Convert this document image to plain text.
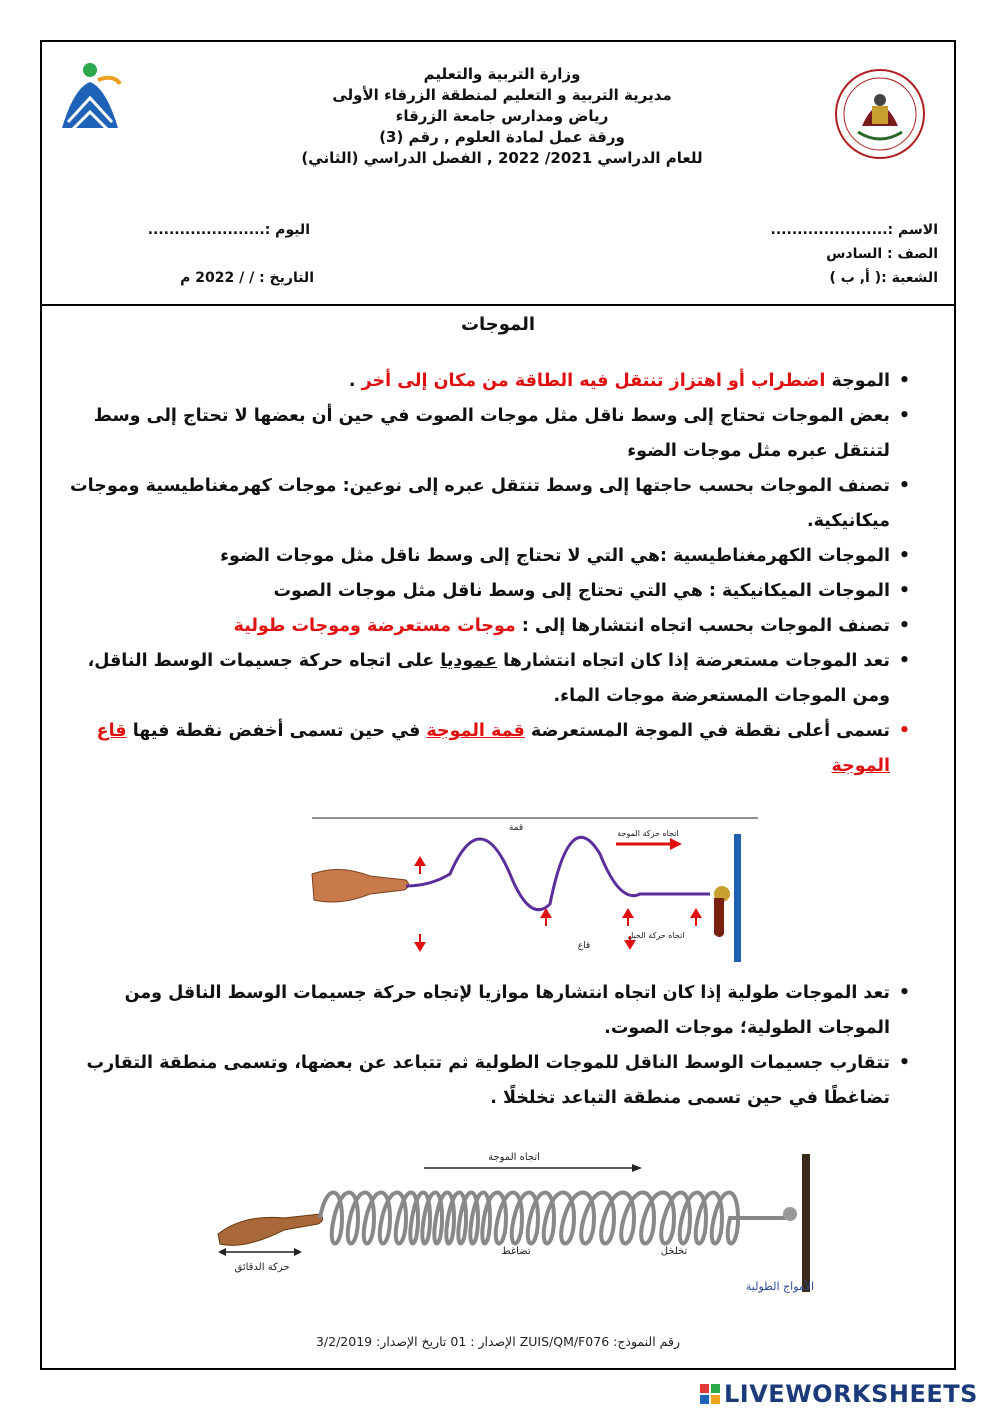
وزارة التربية والتعليم
مديرية التربية و التعليم لمنطقة الزرقاء الأولى
رياض ومدارس جامعة الزرقاء
ورقة عمل لمادة العلوم , رقم (3)
للعام الدراسي 2021/ 2022 , الفصل الدراسي (الثاني)
الاسم :......................
الصف : السادس
الشعبة :( أ, ب )
اليوم :......................
التاريخ : / / 2022 م
الموجات

•
الموجة اضطراب أو اهتزاز تنتقل فيه الطاقة من مكان إلى أخر .

•
بعض الموجات تحتاج إلى وسط ناقل مثل موجات الصوت في حين أن بعضها لا تحتاج إلى وسط لتنتقل عبره مثل موجات الضوء

•
تصنف الموجات بحسب حاجتها إلى وسط تنتقل عبره إلى نوعين: موجات كهرمغناطيسية وموجات ميكانيكية.

•
الموجات الكهرمغناطيسية :هي التي لا تحتاج إلى وسط ناقل مثل موجات الضوء

•
الموجات الميكانيكية : هي التي تحتاج إلى وسط ناقل مثل موجات الصوت

•
تصنف الموجات بحسب اتجاه انتشارها إلى : موجات مستعرضة وموجات طولية

•
تعد الموجات مستعرضة إذا كان اتجاه انتشارها عموديا على اتجاه حركة جسيمات الوسط الناقل، ومن الموجات المستعرضة موجات الماء.

•
تسمى أعلى نقطة في الموجة المستعرضة قمة الموجة في حين تسمى أخفض نقطة فيها قاع الموجة

قمة
قاع
اتجاه حركة الموجة
اتجاه حركة الحبل

•
تعد الموجات طولية إذا كان اتجاه انتشارها موازيا لإتجاه حركة جسيمات الوسط الناقل ومن الموجات الطولية؛ موجات الصوت.

•
تتقارب جسيمات الوسط الناقل للموجات الطولية ثم تتباعد عن بعضها، وتسمى منطقة التقارب تضاغطًا في حين تسمى منطقة التباعد تخلخلًا .

اتجاه الموجة
تضاغط	تخلخل
حركة الدقائق
الأمواج الطولية
رقم النموذج: ZUIS/QM/F076 الإصدار : 01 تاريخ الإصدار: 3/2/2019
LIVEWORKSHEETS
